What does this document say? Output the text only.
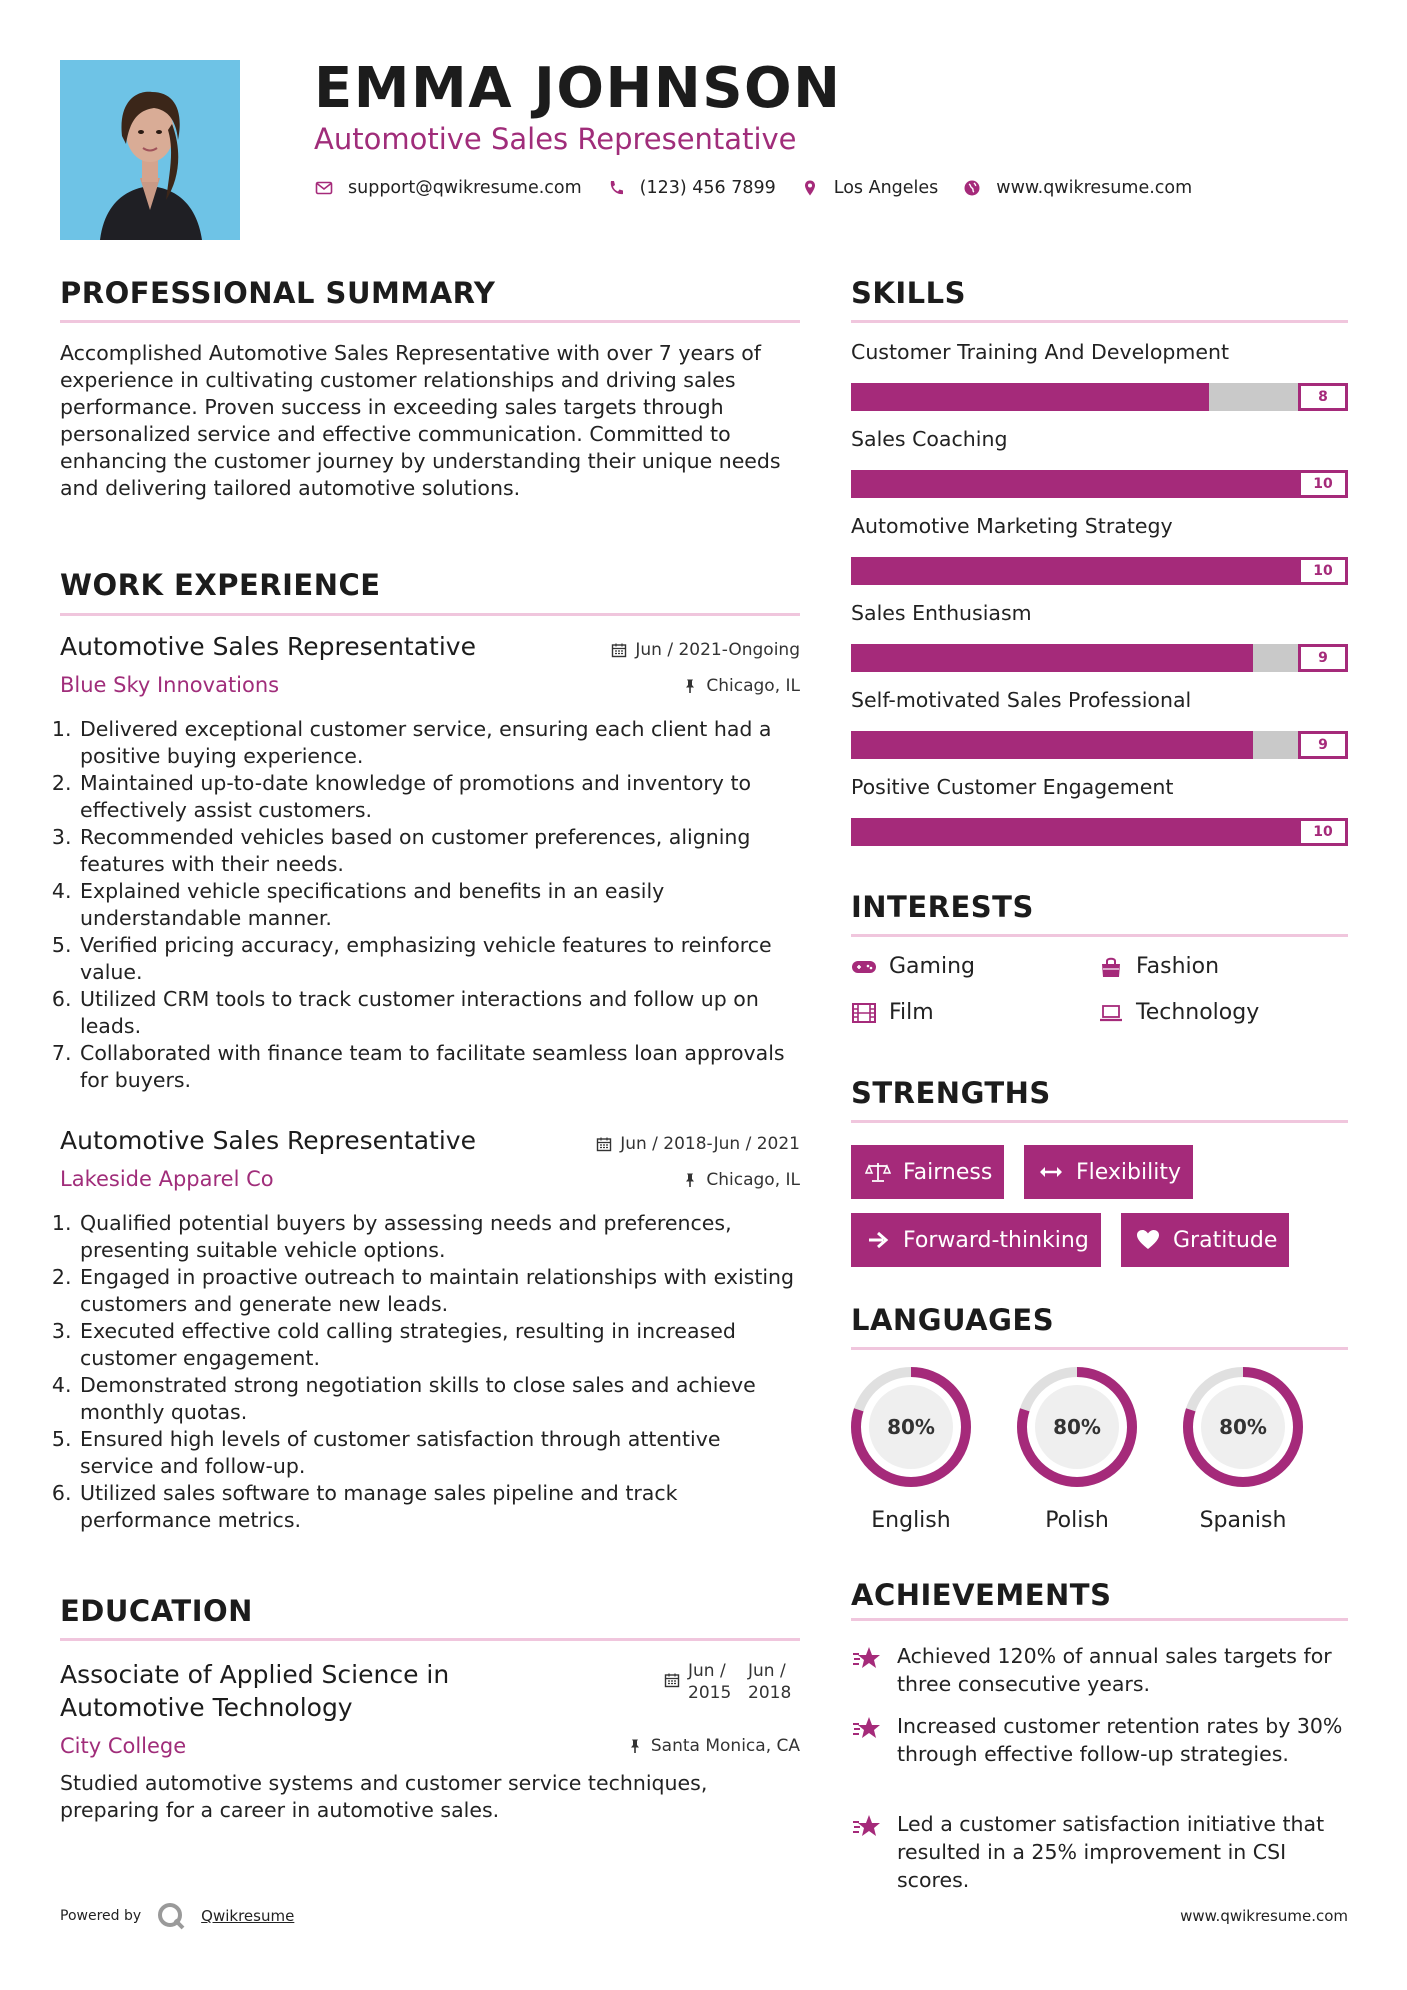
EMMA JOHNSON
Automotive Sales Representative
support@qwikresume.com	(123) 456 7899	Los Angeles	www.qwikresume.com
PROFESSIONAL SUMMARY
Accomplished Automotive Sales Representative with over 7 years of experience in cultivating customer relationships and driving sales performance. Proven success in exceeding sales targets through personalized service and effective communication. Committed to enhancing the customer journey by understanding their unique needs and delivering tailored automotive solutions.
WORK EXPERIENCE
Automotive Sales Representative	Jun / 2021-Ongoing
Blue Sky Innovations	Chicago, IL
1. Delivered exceptional customer service, ensuring each client had a positive buying experience.
2. Maintained up-to-date knowledge of promotions and inventory to effectively assist customers.
3. Recommended vehicles based on customer preferences, aligning features with their needs.
4. Explained vehicle specifications and benefits in an easily understandable manner.
5. Verified pricing accuracy, emphasizing vehicle features to reinforce value.
6. Utilized CRM tools to track customer interactions and follow up on leads.
7. Collaborated with finance team to facilitate seamless loan approvals for buyers.
Automotive Sales Representative	Jun / 2018-Jun / 2021
Lakeside Apparel Co	Chicago, IL
1. Qualified potential buyers by assessing needs and preferences, presenting suitable vehicle options.
2. Engaged in proactive outreach to maintain relationships with existing customers and generate new leads.
3. Executed effective cold calling strategies, resulting in increased customer engagement.
4. Demonstrated strong negotiation skills to close sales and achieve monthly quotas.
5. Ensured high levels of customer satisfaction through attentive service and follow-up.
6. Utilized sales software to manage sales pipeline and track performance metrics.
EDUCATION
Associate of Applied Science in Automotive Technology
Jun / 2015
Jun / 2018
City College	Santa Monica, CA
Studied automotive systems and customer service techniques, preparing for a career in automotive sales.
SKILLS
Customer Training And Development
8
Sales Coaching
10
Automotive Marketing Strategy
10
Sales Enthusiasm
9
Self-motivated Sales Professional
9
Positive Customer Engagement
10
INTERESTS
Gaming	Fashion
Film	Technology
STRENGTHS
Fairness	Flexibility
Forward-thinking	Gratitude
LANGUAGES
80%
English
80%
Polish
80%
Spanish
ACHIEVEMENTS
Achieved 120% of annual sales targets for three consecutive years.
Increased customer retention rates by 30% through effective follow-up strategies.
Led a customer satisfaction initiative that resulted in a 25% improvement in CSI scores.
Powered by	Qwikresume	www.qwikresume.com
